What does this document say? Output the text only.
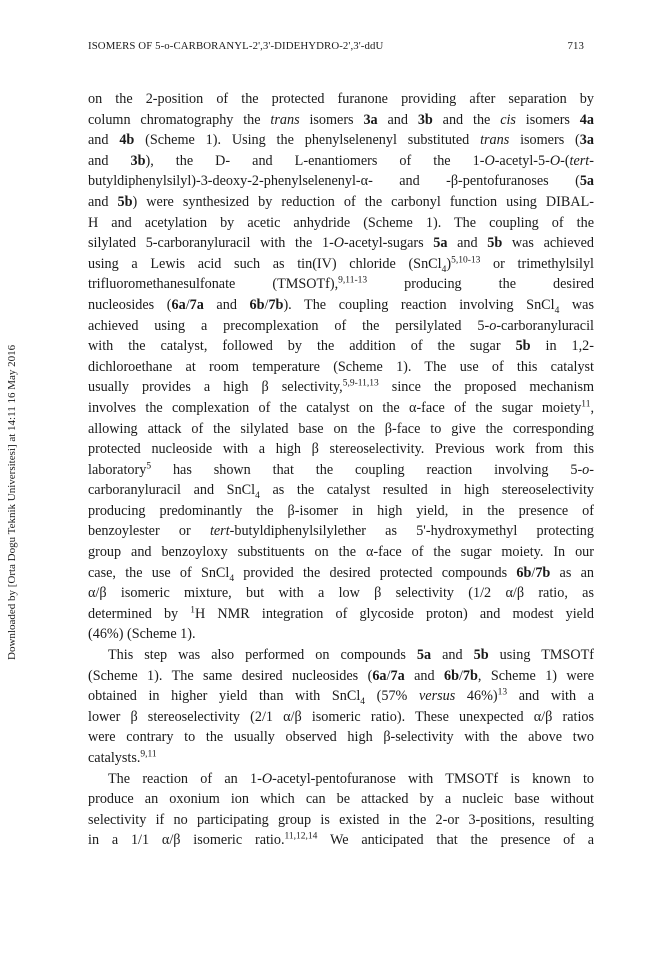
ISOMERS OF 5-o-CARBORANYL-2',3'-DIDEHYDRO-2',3'-ddU	713
Downloaded by [Orta Dogu Teknik Universitesi] at 14:11 16 May 2016
on the 2-position of the protected furanone providing after separation by
column chromatography the trans isomers 3a and 3b and the cis isomers 4a
and 4b (Scheme 1). Using the phenylselenenyl substituted trans isomers (3a
and 3b), the D- and L-enantiomers of the 1-O-acetyl-5-O-(tert-
butyldiphenylsilyl)-3-deoxy-2-phenylselenenyl-α- and -β-pentofuranoses (5a
and 5b) were synthesized by reduction of the carbonyl function using DIBAL-
H and acetylation by acetic anhydride (Scheme 1). The coupling of the
silylated 5-carboranyluracil with the 1-O-acetyl-sugars 5a and 5b was achieved
using a Lewis acid such as tin(IV) chloride (SnCl$_4$)$^{5,10-13}$ or trimethylsilyl
trifluoromethanesulfonate (TMSOTf),$^{9,11-13}$ producing the desired
nucleosides (6a/7a and 6b/7b). The coupling reaction involving SnCl$_4$ was
achieved using a precomplexation of the persilylated 5-o-carboranyluracil
with the catalyst, followed by the addition of the sugar 5b in 1,2-
dichloroethane at room temperature (Scheme 1). The use of this catalyst
usually provides a high β selectivity,$^{5,9-11,13}$ since the proposed mechanism
involves the complexation of the catalyst on the α-face of the sugar moiety$^{11}$,
allowing attack of the silylated base on the β-face to give the corresponding
protected nucleoside with a high β stereoselectivity. Previous work from this
laboratory$^5$ has shown that the coupling reaction involving 5-o-
carboranyluracil and SnCl$_4$ as the catalyst resulted in high stereoselectivity
producing predominantly the β-isomer in high yield, in the presence of
benzoylester or tert-butyldiphenylsilylether as 5'-hydroxymethyl protecting
group and benzoyloxy substituents on the α-face of the sugar moiety. In our
case, the use of SnCl$_4$ provided the desired protected compounds 6b/7b as an
α/β isomeric mixture, but with a low β selectivity (1/2 α/β ratio, as
determined by $^1$H NMR integration of glycoside proton) and modest yield
(46%) (Scheme 1).
This step was also performed on compounds 5a and 5b using TMSOTf
(Scheme 1). The same desired nucleosides (6a/7a and 6b/7b, Scheme 1) were
obtained in higher yield than with SnCl$_4$ (57% versus 46%)$^{13}$ and with a
lower β stereoselectivity (2/1 α/β isomeric ratio). These unexpected α/β ratios
were contrary to the usually observed high β-selectivity with the above two
catalysts.$^{9,11}$
The reaction of an 1-O-acetyl-pentofuranose with TMSOTf is known to
produce an oxonium ion which can be attacked by a nucleic base without
selectivity if no participating group is existed in the 2-or 3-positions, resulting
in a 1/1 α/β isomeric ratio.$^{11,12,14}$ We anticipated that the presence of a
